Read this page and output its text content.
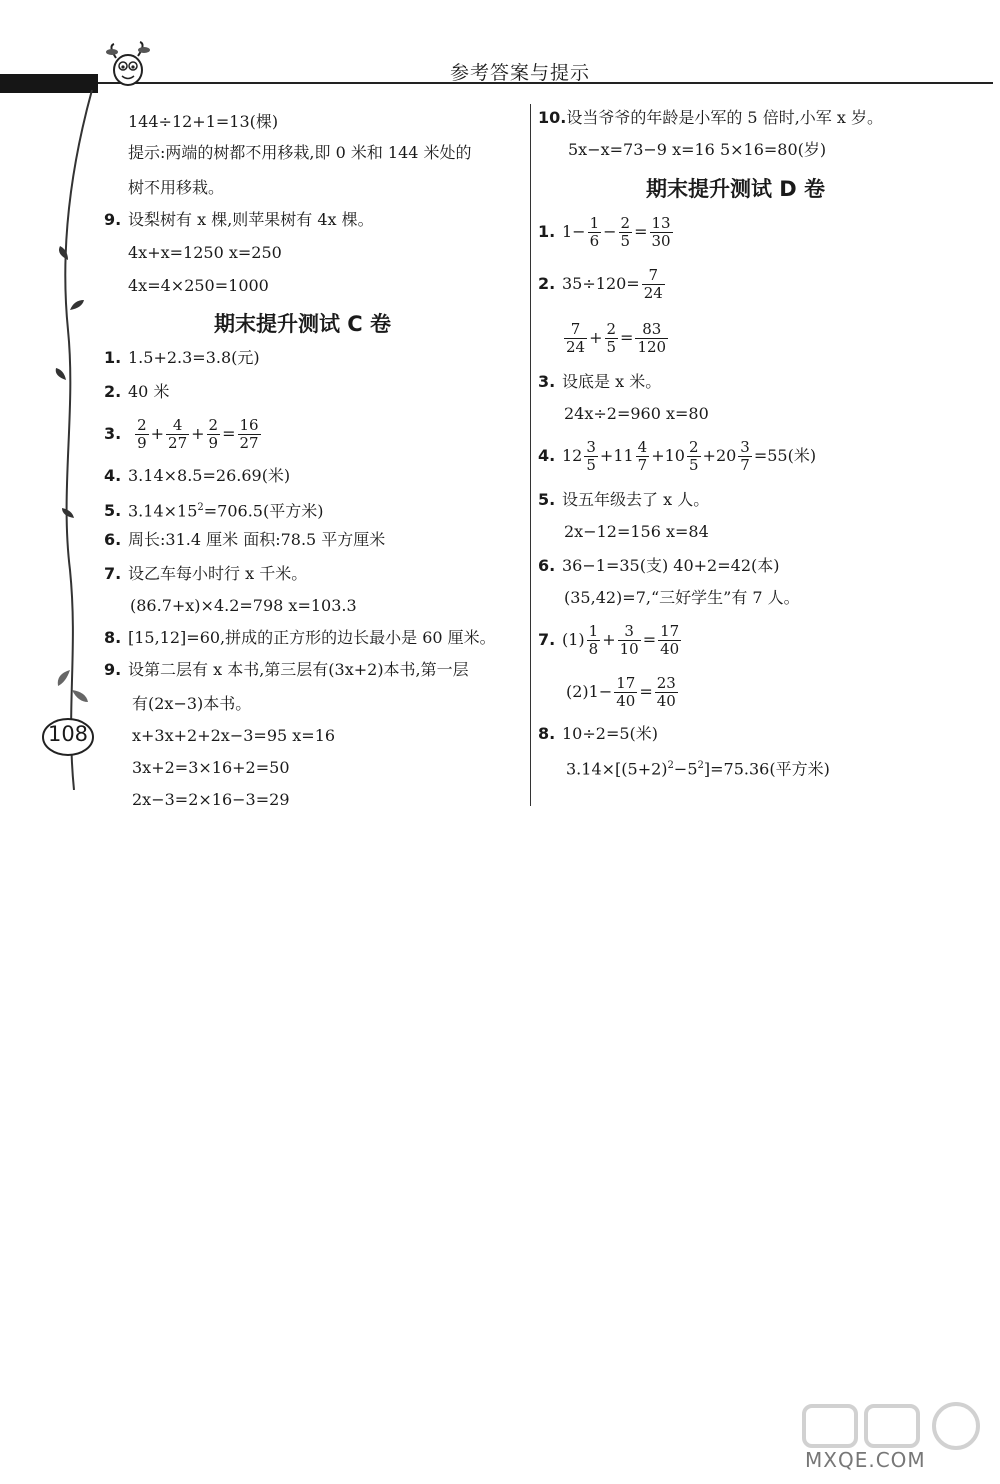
参考答案与提示
108
144÷12+1=13(棵)
提示:两端的树都不用移栽,即 0 米和 144 米处的
树不用移栽。
9. 设梨树有 x 棵,则苹果树有 4x 棵。
4x+x=1250 x=250
4x=4×250=1000
期末提升测试 C 卷
1. 1.5+2.3=3.8(元)
2. 40 米
3. $\frac{2}{9} + \frac{4}{27} + \frac{2}{9} = \frac{16}{27}$
4. 3.14×8.5=26.69(米)
5. $3.14\times 15^2=706.5$(平方米)
6. 周长:31.4 厘米 面积:78.5 平方厘米
7. 设乙车每小时行 x 千米。
(86.7+x)×4.2=798 x=103.3
8. [15,12]=60,拼成的正方形的边长最小是 60 厘米。
9. 设第二层有 x 本书,第三层有(3x+2)本书,第一层
有(2x−3)本书。
x+3x+2+2x−3=95 x=16
3x+2=3×16+2=50
2x−3=2×16−3=29
10.设当爷爷的年龄是小军的 5 倍时,小军 x 岁。
5x−x=73−9 x=16 5×16=80(岁)
期末提升测试 D 卷
1. $1- \frac{1}{6} - \frac{2}{5} = \frac{13}{30}$
2. $35\div 120= \frac{7}{24}$
$\frac{7}{24} + \frac{2}{5} = \frac{83}{120}$
3. 设底是 x 米。
24x÷2=960 x=80
4. $12 \frac{3}{5} +11 \frac{4}{7} +10 \frac{2}{5} +20 \frac{3}{7} =55$(米)
5. 设五年级去了 x 人。
2x−12=156 x=84
6. 36−1=35(支) 40+2=42(本)
(35,42)=7,“三好学生”有 7 人。
7. $(1) \frac{1}{8} + \frac{3}{10} = \frac{17}{40}$
$(2)1- \frac{17}{40} = \frac{23}{40}$
8. 10÷2=5(米)
$3.14\times[(5+2)^2-5^2]=75.36$(平方米)
MXQE.COM
